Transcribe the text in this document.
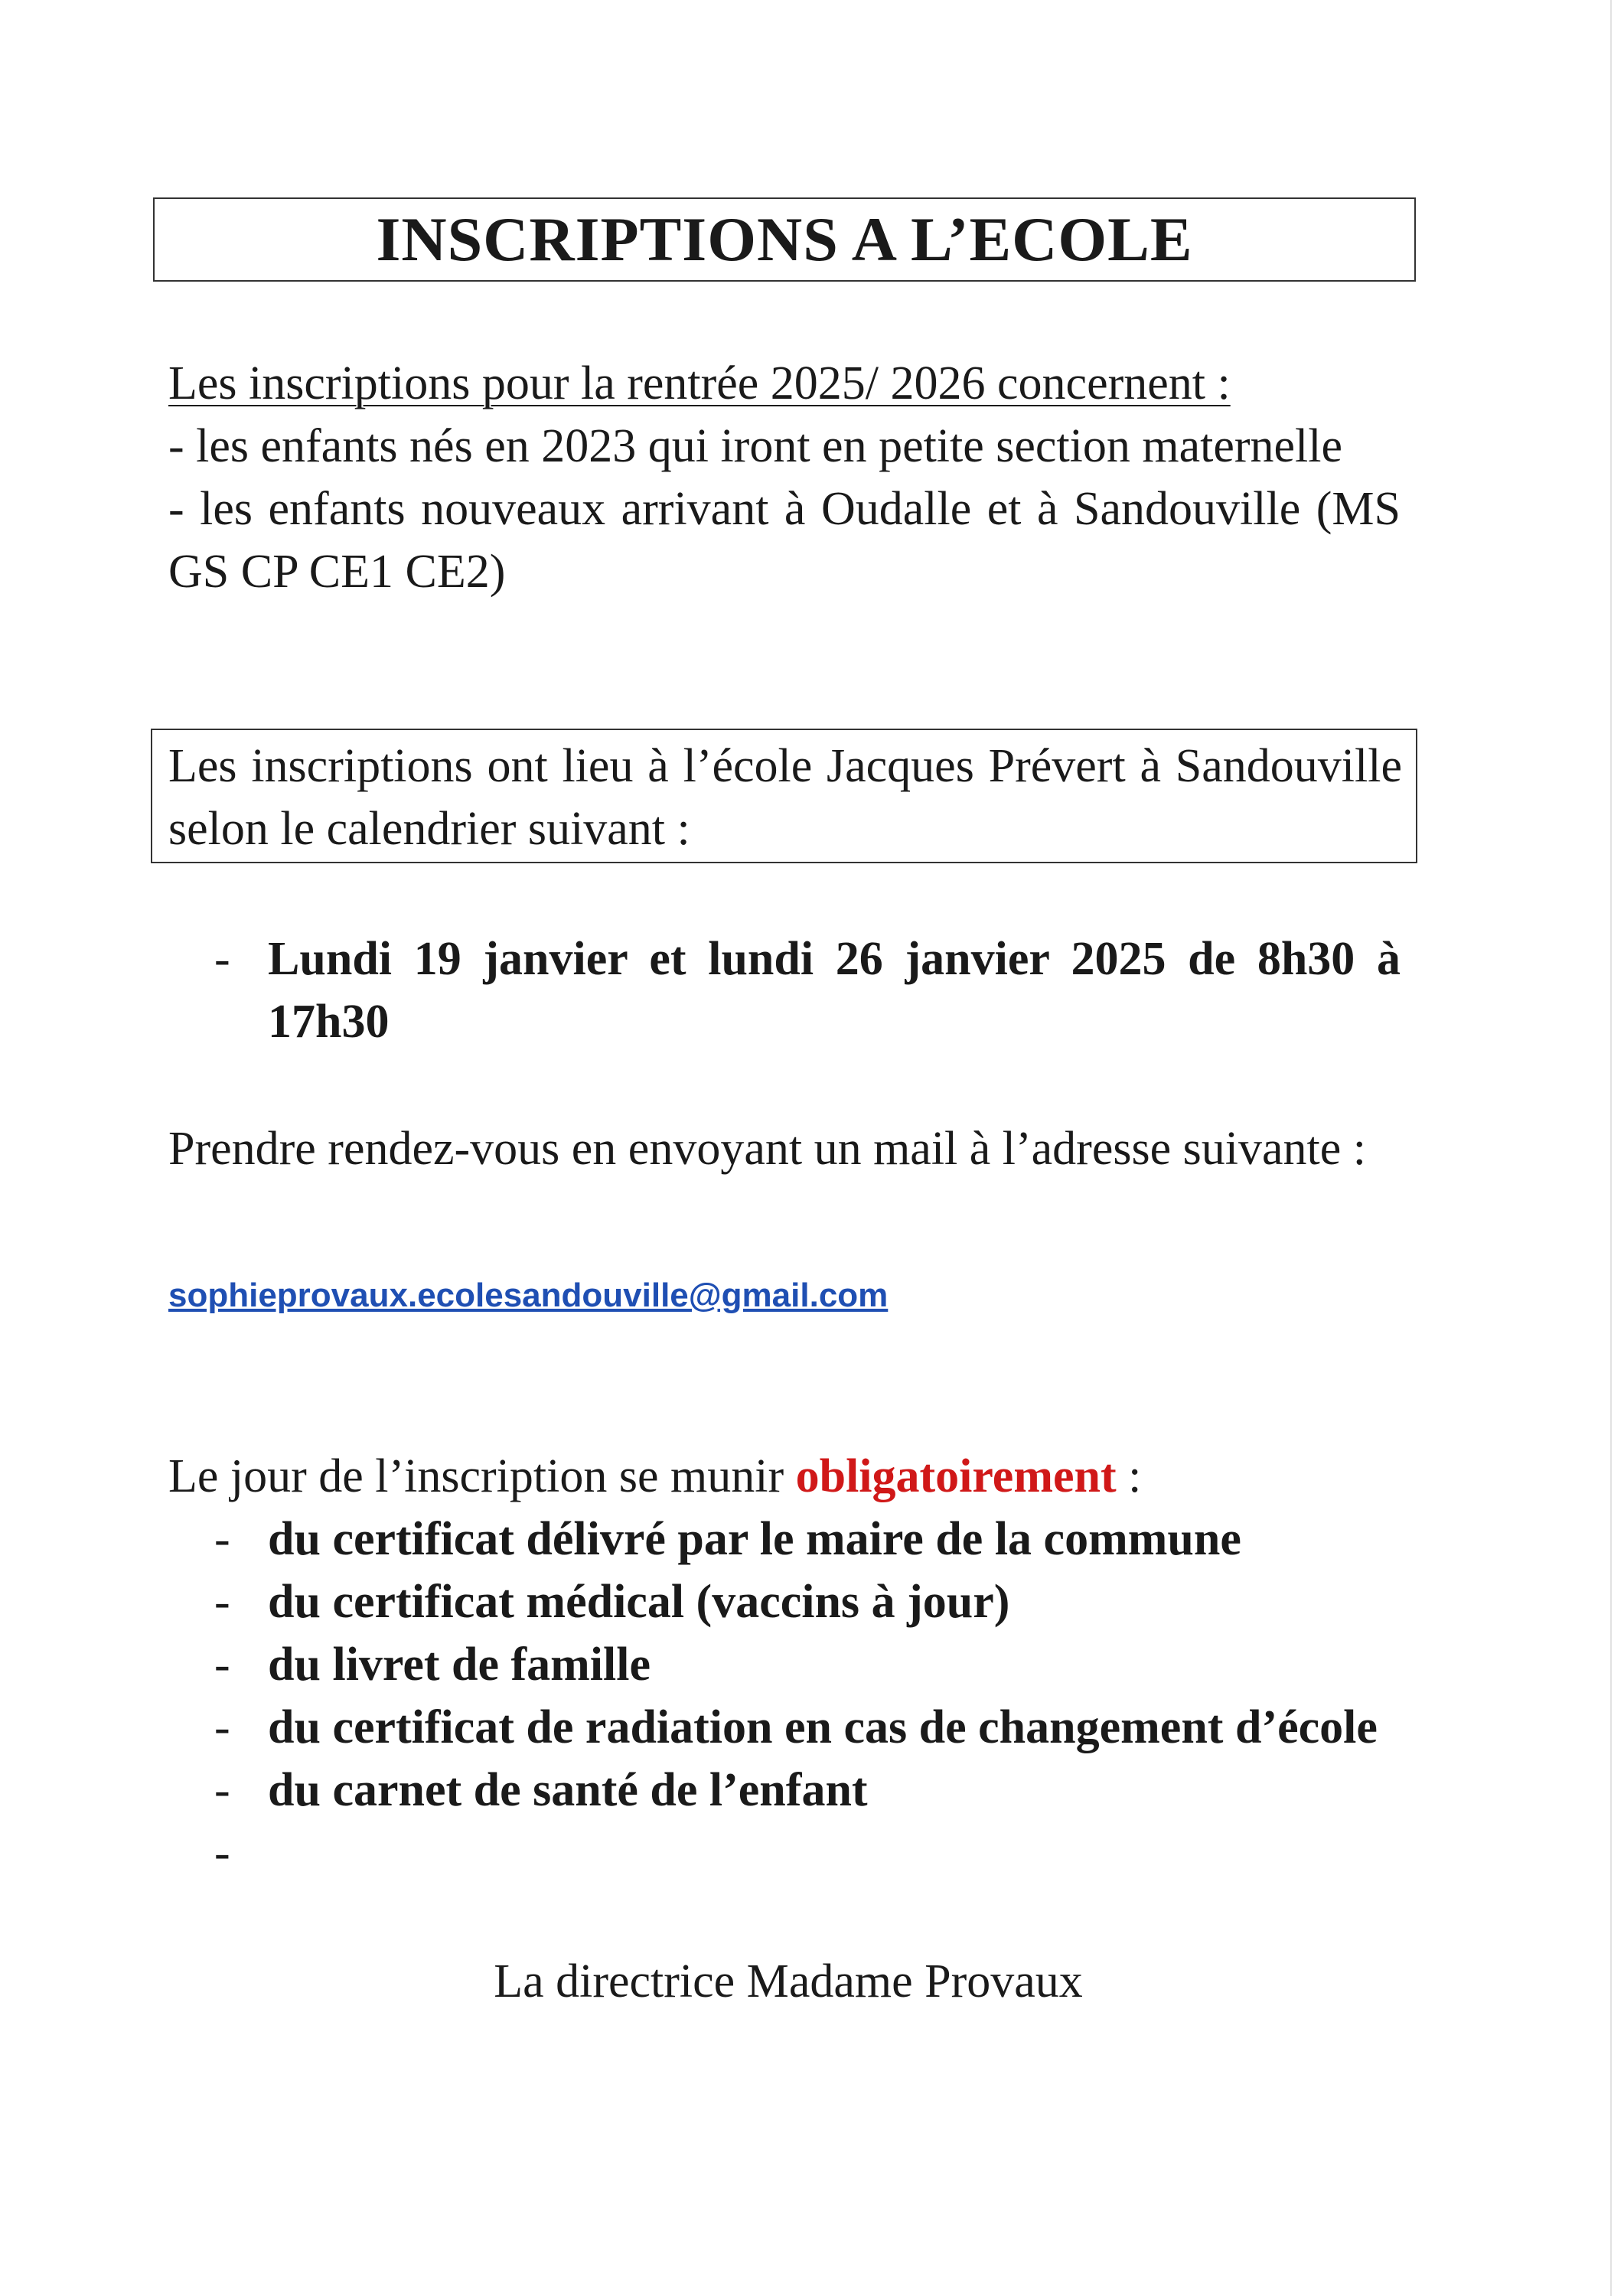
INSCRIPTIONS A L’ECOLE
Les inscriptions pour la rentrée 2025/ 2026 concernent :
- les enfants nés en 2023 qui iront en petite section maternelle
- les enfants nouveaux arrivant à Oudalle et à Sandouville (MS GS CP CE1 CE2)

Les inscriptions ont lieu à l’école Jacques Prévert à Sandouville selon le calendrier suivant :

- Lundi 19 janvier et lundi 26 janvier 2025 de 8h30 à 17h30
Prendre rendez-vous en envoyant un mail à l’adresse suivante :
sophieprovaux.ecolesandouville@gmail.com
Le jour de l’inscription se munir obligatoirement :
- du certificat délivré par le maire de la commune
- du certificat médical (vaccins à jour)
- du livret de famille
- du certificat de radiation en cas de changement d’école
- du carnet de santé de l’enfant
-
La directrice Madame Provaux
